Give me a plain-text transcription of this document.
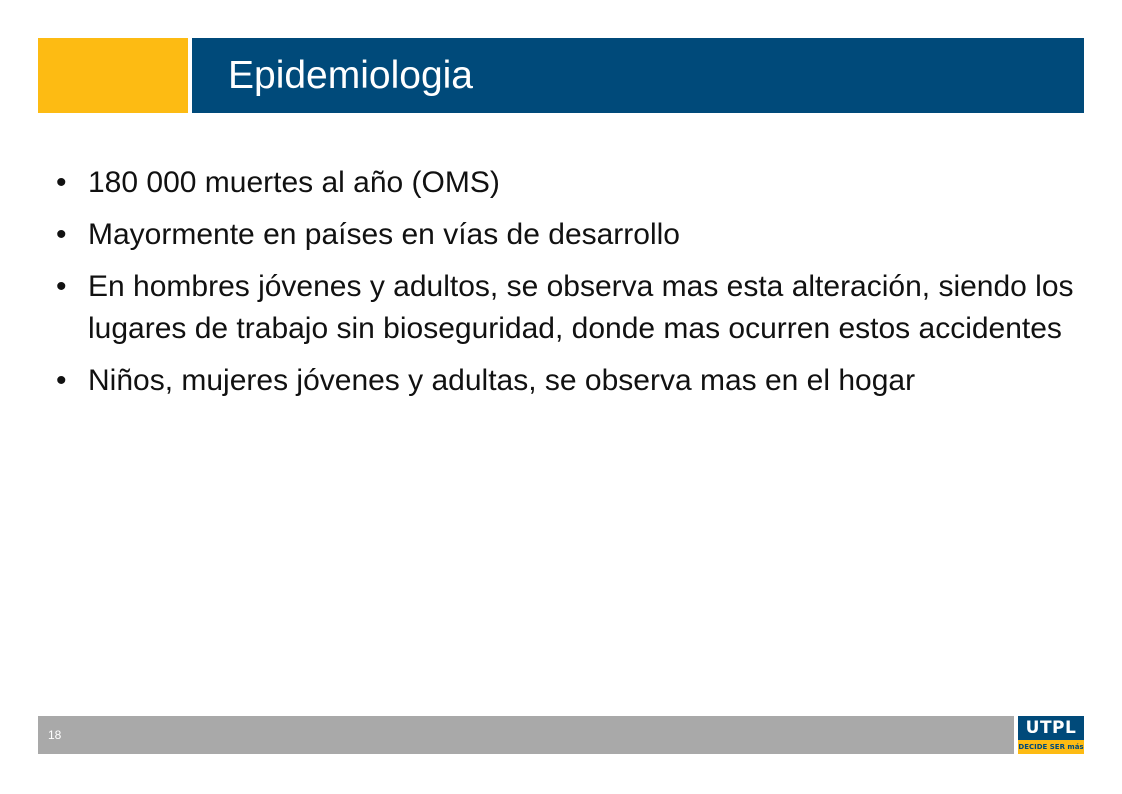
Epidemiologia
• 180 000 muertes al año (OMS)
• Mayormente en países en vías de desarrollo
• En hombres jóvenes y adultos, se observa mas esta alteración, siendo los lugares de trabajo sin bioseguridad, donde mas ocurren estos accidentes
• Niños, mujeres jóvenes y adultas, se observa mas en el hogar
18	UTPL
DECIDE SER más
